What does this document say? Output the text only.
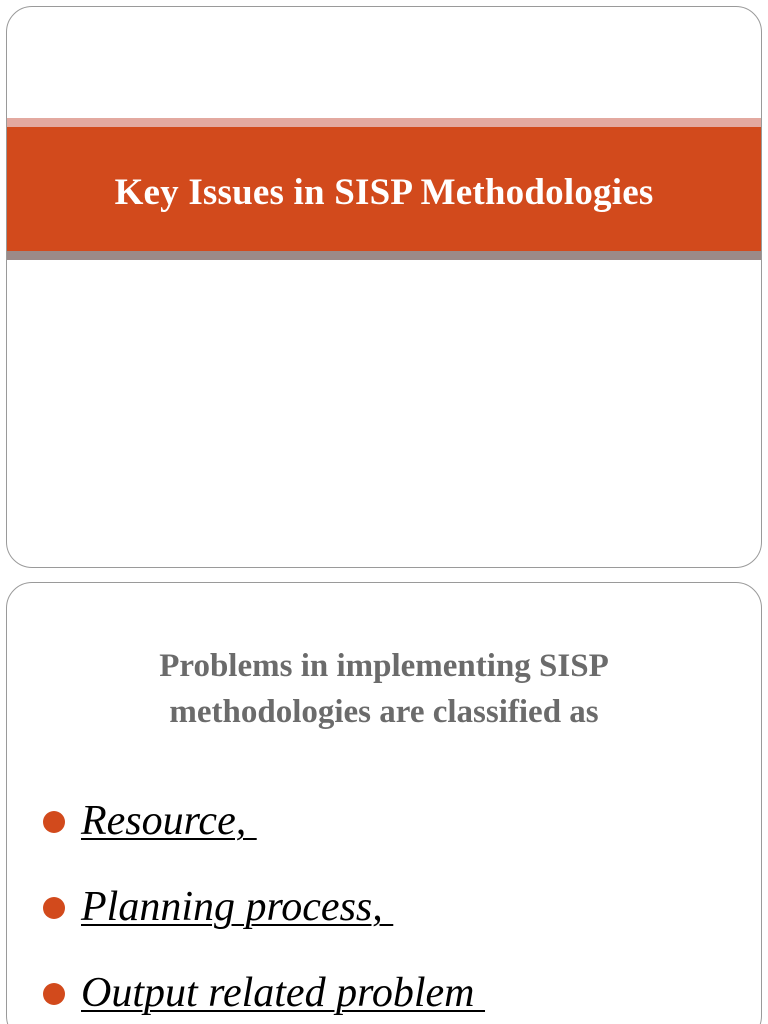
Key Issues in SISP Methodologies

Problems in implementing SISP
methodologies are classified as

Resource,
Planning process,
Output related problem
